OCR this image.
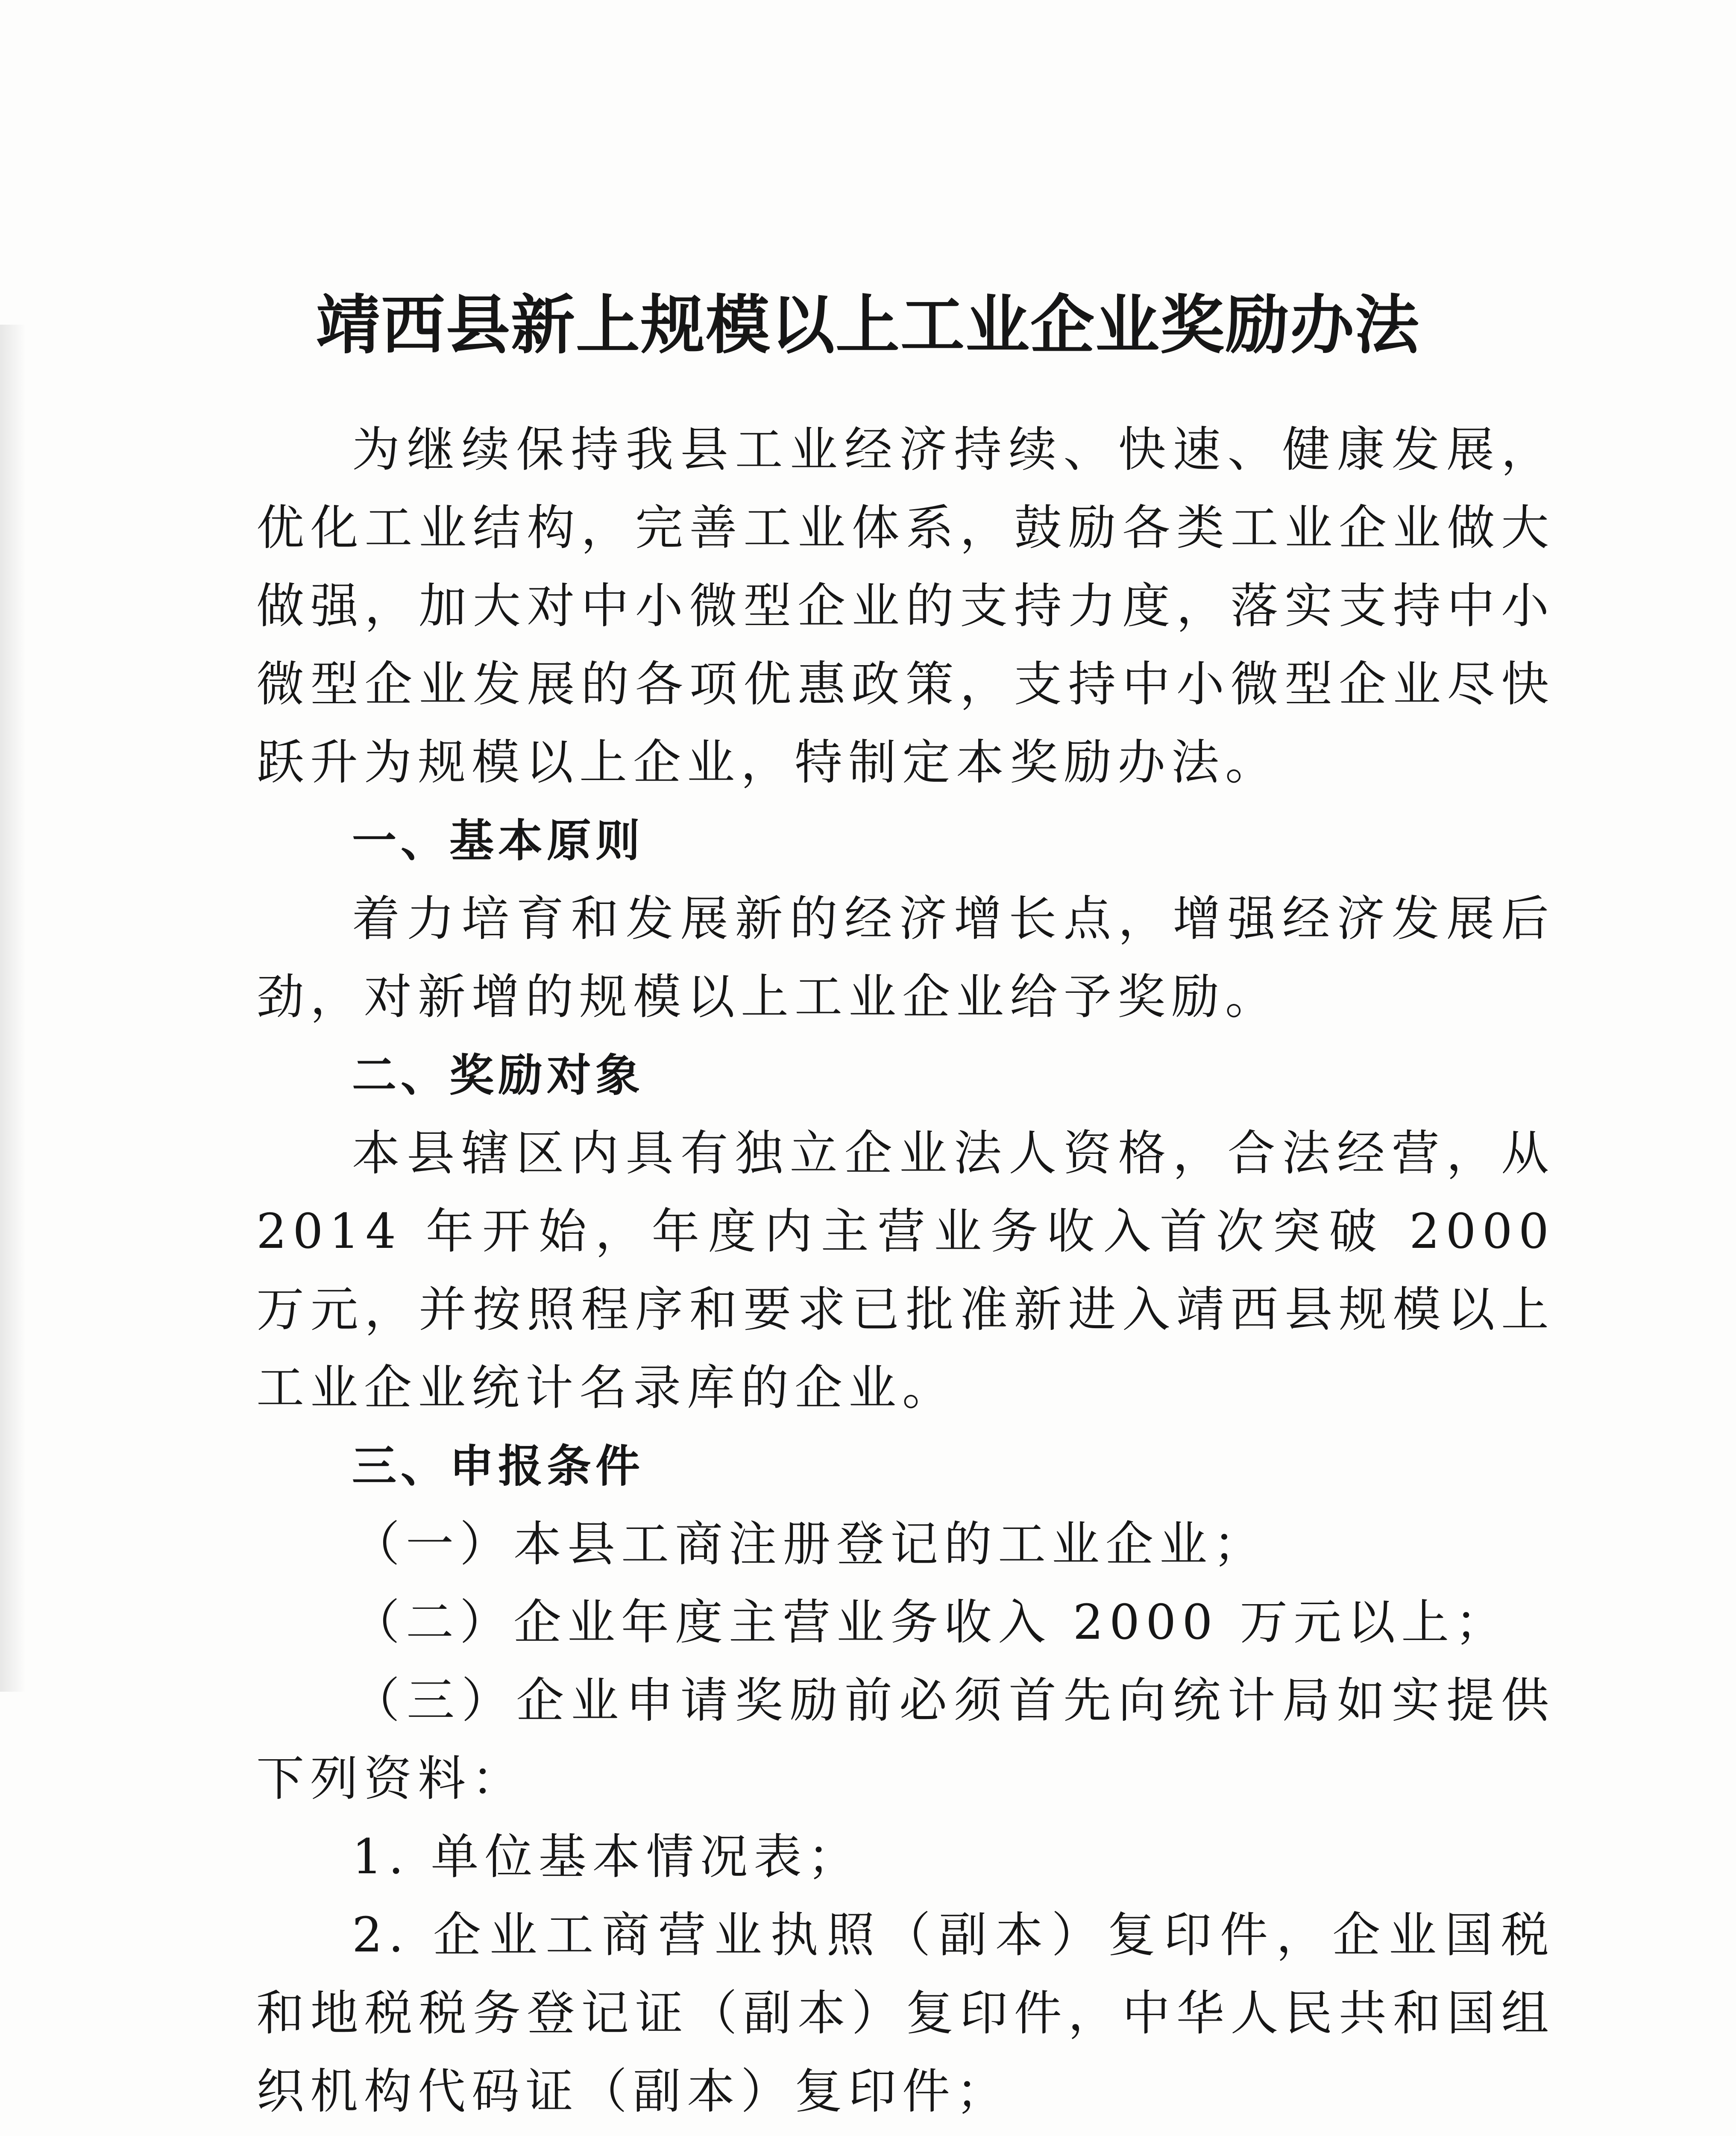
靖西县新上规模以上工业企业奖励办法

为继续保持我县工业经济持续、快速、健康发展，优化工业结构，完善工业体系，鼓励各类工业企业做大做强，加大对中小微型企业的支持力度，落实支持中小微型企业发展的各项优惠政策，支持中小微型企业尽快跃升为规模以上企业，特制定本奖励办法。

一、基本原则

着力培育和发展新的经济增长点，增强经济发展后劲，对新增的规模以上工业企业给予奖励。

二、奖励对象

本县辖区内具有独立企业法人资格，合法经营，从 2014 年开始，年度内主营业务收入首次突破 2000 万元，并按照程序和要求已批准新进入靖西县规模以上工业企业统计名录库的企业。

三、申报条件

（一）本县工商注册登记的工业企业；

（二）企业年度主营业务收入 2000 万元以上；

（三）企业申请奖励前必须首先向统计局如实提供下列资料：

1. 单位基本情况表；

2. 企业工商营业执照（副本）复印件，企业国税和地税税务登记证（副本）复印件，中华人民共和国组织机构代码证（副本）复印件；
